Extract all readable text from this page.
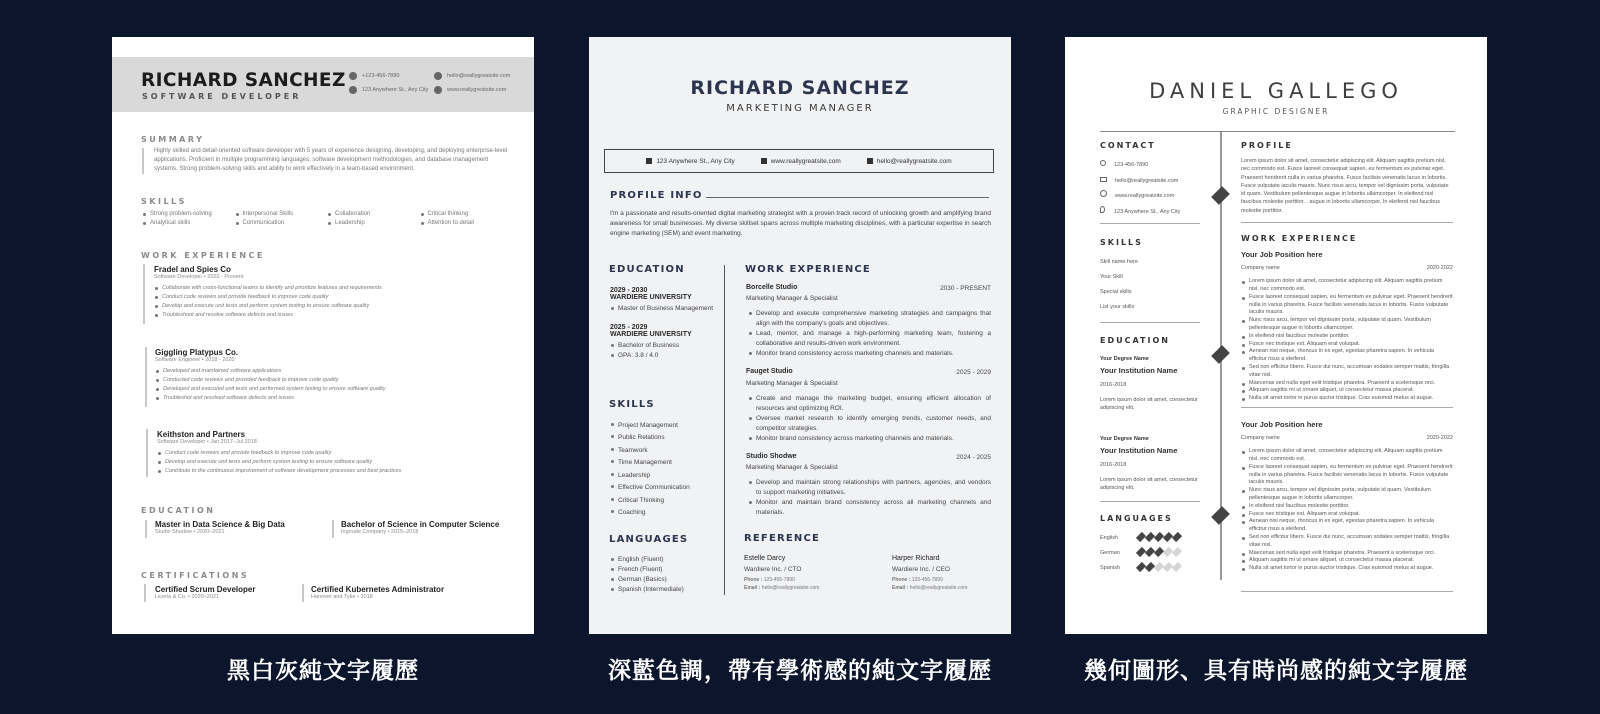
RICHARD SANCHEZ
SOFTWARE DEVELOPER
+123-456-7890
123 Anywhere St., Any City
hello@reallygreatsite.com
www.reallygreatsite.com
SUMMARY
Highly skilled and detail-oriented software developer with 5 years of experience designing, developing, and deploying enterprise-level applications. Proficient in multiple programming languages, software development methodologies, and database management systems. Strong problem-solving skills and ability to work effectively in a team-based environment.
SKILLS
Strong problem-solving
Analytical skills
Interpersonal Skills
Communication
Collaboration
Leadership
Critical thinking
Attention to detail
WORK EXPERIENCE
Fradel and Spies Co
Software Developer • 2020 - Present
Collaborate with cross-functional teams to identify and prioritize features and requirements
Conduct code reviews and provide feedback to improve code quality
Develop and execute unit tests and perform system testing to ensure software quality
Troubleshoot and resolve software defects and issues
Giggling Platypus Co.
Software Engineer • 2018 - 2020
Developed and maintained software applications
Conducted code reviews and provided feedback to improve code quality
Developed and executed unit tests and performed system testing to ensure software quality
Troubleshot and resolved software defects and issues
Keithston and Partners
Software Developer • Jan 2017–Jul 2018
Conduct code reviews and provide feedback to improve code quality
Develop and execute unit tests and perform system testing to ensure software quality
Contribute to the continuous improvement of software development processes and best practices
EDUCATION
Master in Data Science & Big Data
Studio Shodwe • 2020–2021
Bachelor of Science in Computer Science
Ingoude Company • 2015–2018
CERTIFICATIONS
Certified Scrum Developer
Liceria & Co. • 2020–2021
Certified Kubernetes Administrator
Hanover and Tyke • 2018
RICHARD SANCHEZ
MARKETING MANAGER
123 Anywhere St., Any City	www.reallygreatsite.com	hello@reallygreatsite.com
PROFILE INFO
I'm a passionate and results-oriented digital marketing strategist with a proven track record of unlocking growth and amplifying brand awareness for small businesses. My diverse skillset spans across multiple marketing disciplines, with a particular expertise in search engine marketing (SEM) and event marketing.
EDUCATION
2029 - 2030
WARDIERE UNIVERSITY
Master of Business Management
2025 - 2029
WARDIERE UNIVERSITY
Bachelor of Business
GPA: 3.8 / 4.0
SKILLS
Project Management
Public Relations
Teamwork
Time Management
Leadership
Effective Communication
Critical Thinking
Coaching
LANGUAGES
English (Fluent)
French (Fluent)
German (Basics)
Spanish (Intermediate)
WORK EXPERIENCE
Borcelle Studio	2030 - PRESENT
Marketing Manager & Specialist
Develop and execute comprehensive marketing strategies and campaigns that align with the company's goals and objectives.
Lead, mentor, and manage a high-performing marketing team, fostering a collaborative and results-driven work environment.
Monitor brand consistency across marketing channels and materials.
Fauget Studio	2025 - 2029
Marketing Manager & Specialist
Create and manage the marketing budget, ensuring efficient allocation of resources and optimizing ROI.
Oversee market research to identify emerging trends, customer needs, and competitor strategies.
Monitor brand consistency across marketing channels and materials.
Studio Shodwe	2024 - 2025
Marketing Manager & Specialist
Develop and maintain strong relationships with partners, agencies, and vendors to support marketing initiatives.
Monitor and maintain brand consistency across all marketing channels and materials.
REFERENCE
Estelle Darcy
Wardiere Inc. / CTO
Phone : 123-456-7890
Email : hello@reallygreatsite.com
Harper Richard
Wardiere Inc. / CEO
Phone : 123-456-7890
Email : hello@reallygreatsite.com
DANIEL GALLEGO
GRAPHIC DESIGNER
CONTACT
123-456-7890
hello@reallygreatsite.com
www.reallygreatsite.com
123 Anywhere St., Any City
SKILLS
Skill name here
Your Skill
Special skills
List your skills
EDUCATION
Your Degree Name
Your Institution Name
2016-2018
Lorem ipsum dolor sit amet, consectetur adipiscing elit.
Your Degree Name
Your Institution Name
2016-2018
Lorem ipsum dolor sit amet, consectetur adipiscing elit.
LANGUAGES
English
German
Spanish
PROFILE
Lorem ipsum dolor sit amet, consectetur adipiscing elit. Aliquam sagittis pretium nisl, nec commodo est. Fusce laoreet consequat sapien, eu fermentum ex pulvinar eget. Praesent hendrerit nulla in varius pharetra. Fusce facilisis venenatis lacus in lobortis. Fusce vulputate iaculis mauris. Nunc risus arcu, tempor vel dignissim porta, vulputate id quam. Vestibulum pellentesque augue in lobortis ullamcorper. In eleifend nisl faucibus molestie porttitor. . augue in lobortis ullamcorper. In eleifend nisl faucibus molestie porttitor.
WORK EXPERIENCE
Your Job Position here
Company name	2020-2022
Lorem ipsum dolor sit amet, consectetur adipiscing elit. Aliquam sagittis pretium nisl, nec commodo est.
Fusce laoreet consequat sapien, eu fermentum ex pulvinar eget. Praesent hendrerit nulla in varius pharetra. Fusce facilisis venenatis lacus in lobortis. Fusce vulputate iaculis mauris.
Nunc risus arcu, tempor vel dignissim porta, vulputate id quam. Vestibulum pellentesque augue in lobortis ullamcorper.
In eleifend nisl faucibus molestie porttitor.
Fusce nec tristique est. Aliquam erat volutpat.
Aenean nisi neque, rhoncus in ex eget, egestas pharetra sapien. In vehicula efficitur risus a eleifend.
Sed non efficitur libero. Fusce dui nunc, accumsan sodales semper mattis, fringilla vitae nisl.
Maecenas sed nulla eget velit tristique pharetra. Praesent a scelerisque orci.
Aliquam sagittis mi ut ornare aliquet, ut consectetur massa placerat.
Nulla sit amet tortor in purus auctor tristique. Cras euismod metus at augue.
Your Job Position here
Company name	2020-2022
Lorem ipsum dolor sit amet, consectetur adipiscing elit. Aliquam sagittis pretium nisl, nec commodo est.
Fusce laoreet consequat sapien, eu fermentum ex pulvinar eget. Praesent hendrerit nulla in varius pharetra. Fusce facilisis venenatis lacus in lobortis. Fusce vulputate iaculis mauris.
Nunc risus arcu, tempor vel dignissim porta, vulputate id quam. Vestibulum pellentesque augue in lobortis ullamcorper.
In eleifend nisl faucibus molestie porttitor.
Fusce nec tristique est. Aliquam erat volutpat.
Aenean nisi neque, rhoncus in ex eget, egestas pharetra sapien. In vehicula efficitur risus a eleifend.
Sed non efficitur libero. Fusce dui nunc, accumsan sodales semper mattis, fringilla vitae nisl.
Maecenas sed nulla eget velit tristique pharetra. Praesent a scelerisque orci.
Aliquam sagittis mi ut ornare aliquet, ut consectetur massa placerat.
Nulla sit amet tortor in purus auctor tristique. Cras euismod metus at augue.
黑白灰純文字履歷	深藍色調，帶有學術感的純文字履歷	幾何圖形、具有時尚感的純文字履歷
